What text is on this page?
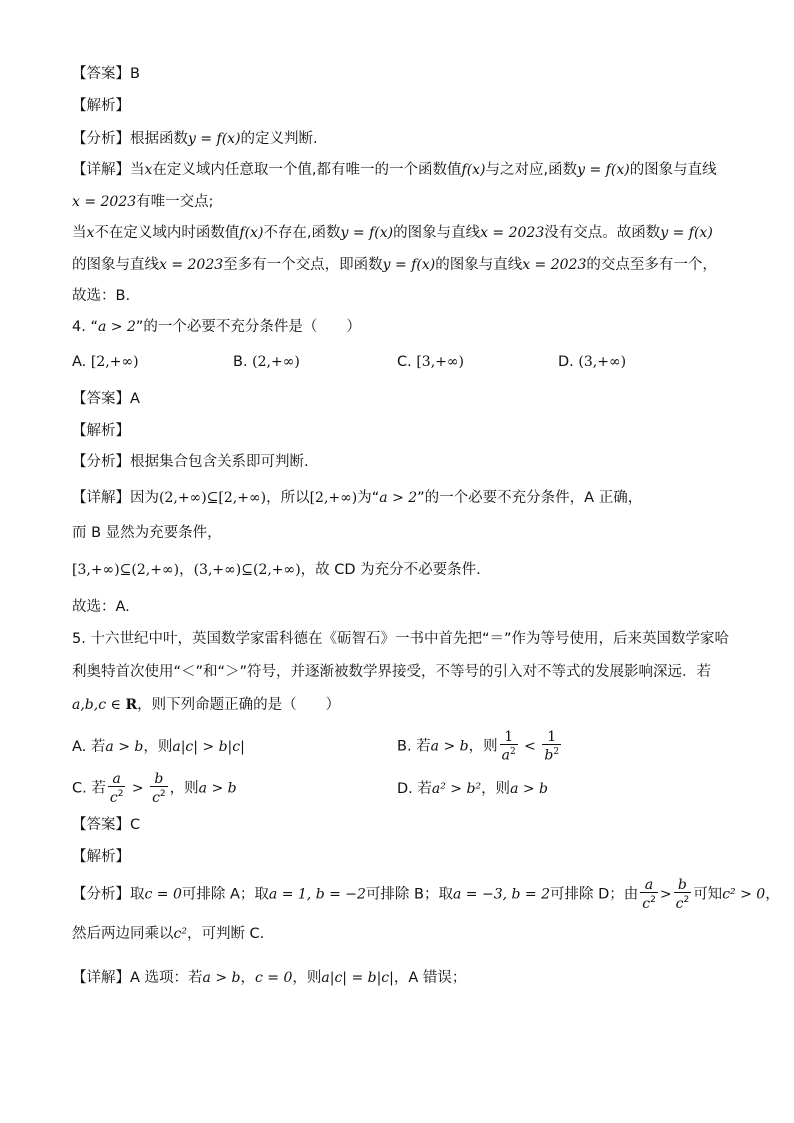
【答案】B
【解析】
【分析】根据函数y = f(x)的定义判断.
【详解】当x在定义域内任意取一个值,都有唯一的一个函数值f(x)与之对应,函数y = f(x)的图象与直线
x = 2023有唯一交点;
当x不在定义域内时函数值f(x)不存在,函数y = f(x)的图象与直线x = 2023没有交点。故函数y = f(x)
的图象与直线x = 2023至多有一个交点，即函数y = f(x)的图象与直线x = 2023的交点至多有一个，
故选：B.
4. “a > 2”的一个必要不充分条件是（　　）
A. [2,+∞)	B. (2,+∞)	C. [3,+∞)	D. (3,+∞)
【答案】A
【解析】
【分析】根据集合包含关系即可判断.
【详解】因为(2,+∞)⊆[2,+∞)，所以[2,+∞)为“a > 2”的一个必要不充分条件，A 正确，
而 B 显然为充要条件，
[3,+∞)⊆(2,+∞)，(3,+∞)⊆(2,+∞)，故 CD 为充分不必要条件.
故选：A.
5. 十六世纪中叶，英国数学家雷科德在《砺智石》一书中首先把“＝”作为等号使用，后来英国数学家哈
利奥特首次使用“＜”和“＞”符号，并逐渐被数学界接受，不等号的引入对不等式的发展影响深远．若
a,b,c ∈ R，则下列命题正确的是（　　）
A. 若a > b，则a|c| > b|c|	B. 若a > b，则 $\frac{1}{a^2} < \frac{1}{b^2}$
C. 若 $\frac{a}{c^2} > \frac{b}{c^2}$ ，则a > b	D. 若a² > b²，则a > b
【答案】C
【解析】
【分析】取c = 0可排除 A；取a = 1, b = −2可排除 B；取a = −3, b = 2可排除 D；由 $\frac{a}{c^2} > \frac{b}{c^2}$ 可知c² > 0，
然后两边同乘以c²，可判断 C.
【详解】A 选项：若a > b，c = 0，则a|c| = b|c|，A 错误；
